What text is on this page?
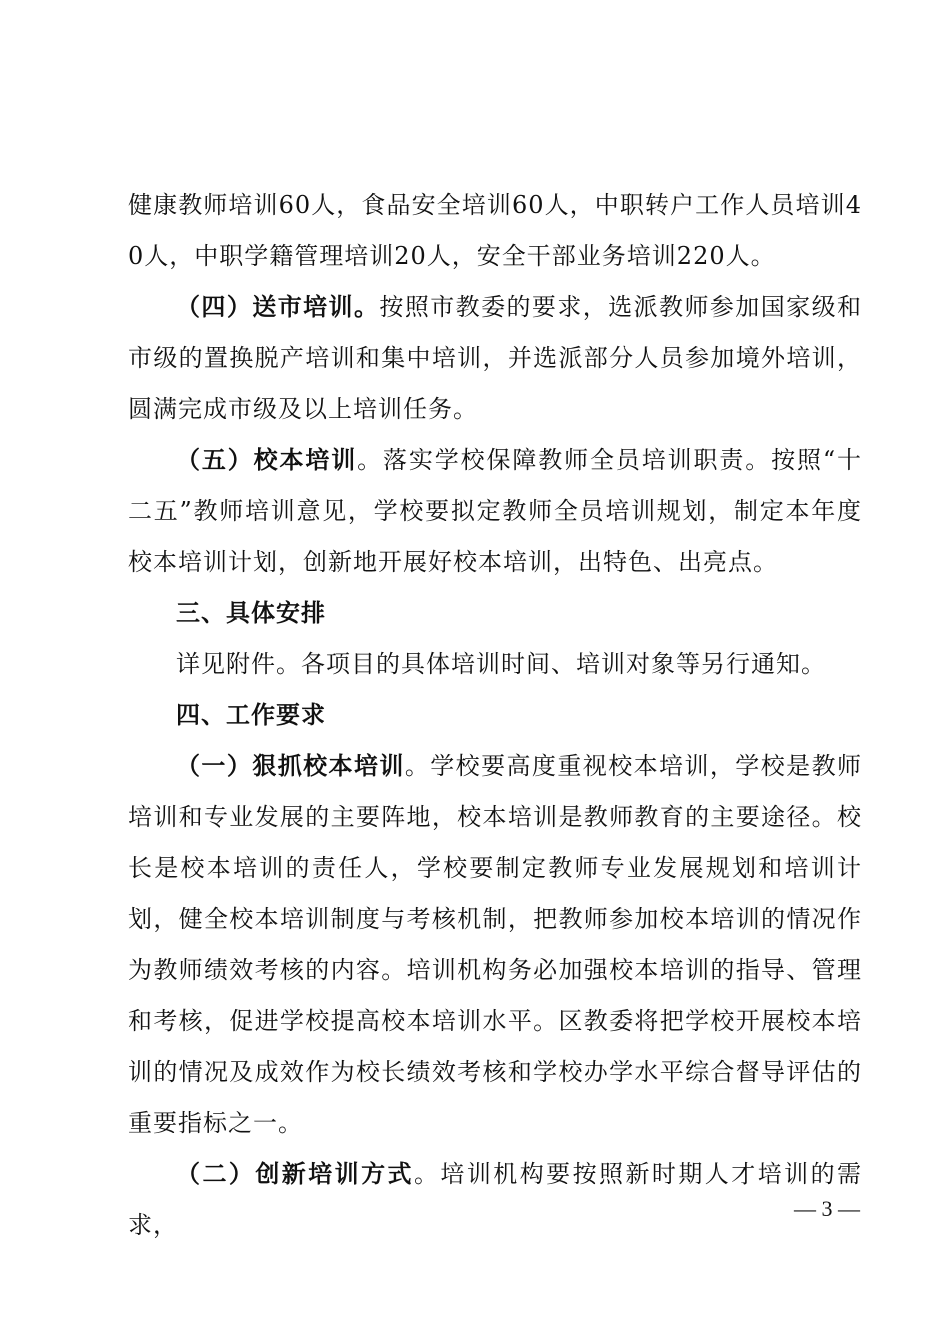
健康教师培训60人，食品安全培训60人，中职转户工作人员培训40人，中职学籍管理培训20人，安全干部业务培训220人。

（四）送市培训。按照市教委的要求，选派教师参加国家级和市级的置换脱产培训和集中培训，并选派部分人员参加境外培训，圆满完成市级及以上培训任务。

（五）校本培训。落实学校保障教师全员培训职责。按照“十二五”教师培训意见，学校要拟定教师全员培训规划，制定本年度校本培训计划，创新地开展好校本培训，出特色、出亮点。

三、具体安排

详见附件。各项目的具体培训时间、培训对象等另行通知。

四、工作要求

（一）狠抓校本培训。学校要高度重视校本培训，学校是教师培训和专业发展的主要阵地，校本培训是教师教育的主要途径。校长是校本培训的责任人，学校要制定教师专业发展规划和培训计划，健全校本培训制度与考核机制，把教师参加校本培训的情况作为教师绩效考核的内容。培训机构务必加强校本培训的指导、管理和考核，促进学校提高校本培训水平。区教委将把学校开展校本培训的情况及成效作为校长绩效考核和学校办学水平综合督导评估的重要指标之一。

（二）创新培训方式。培训机构要按照新时期人才培训的需求，

— 3 —
